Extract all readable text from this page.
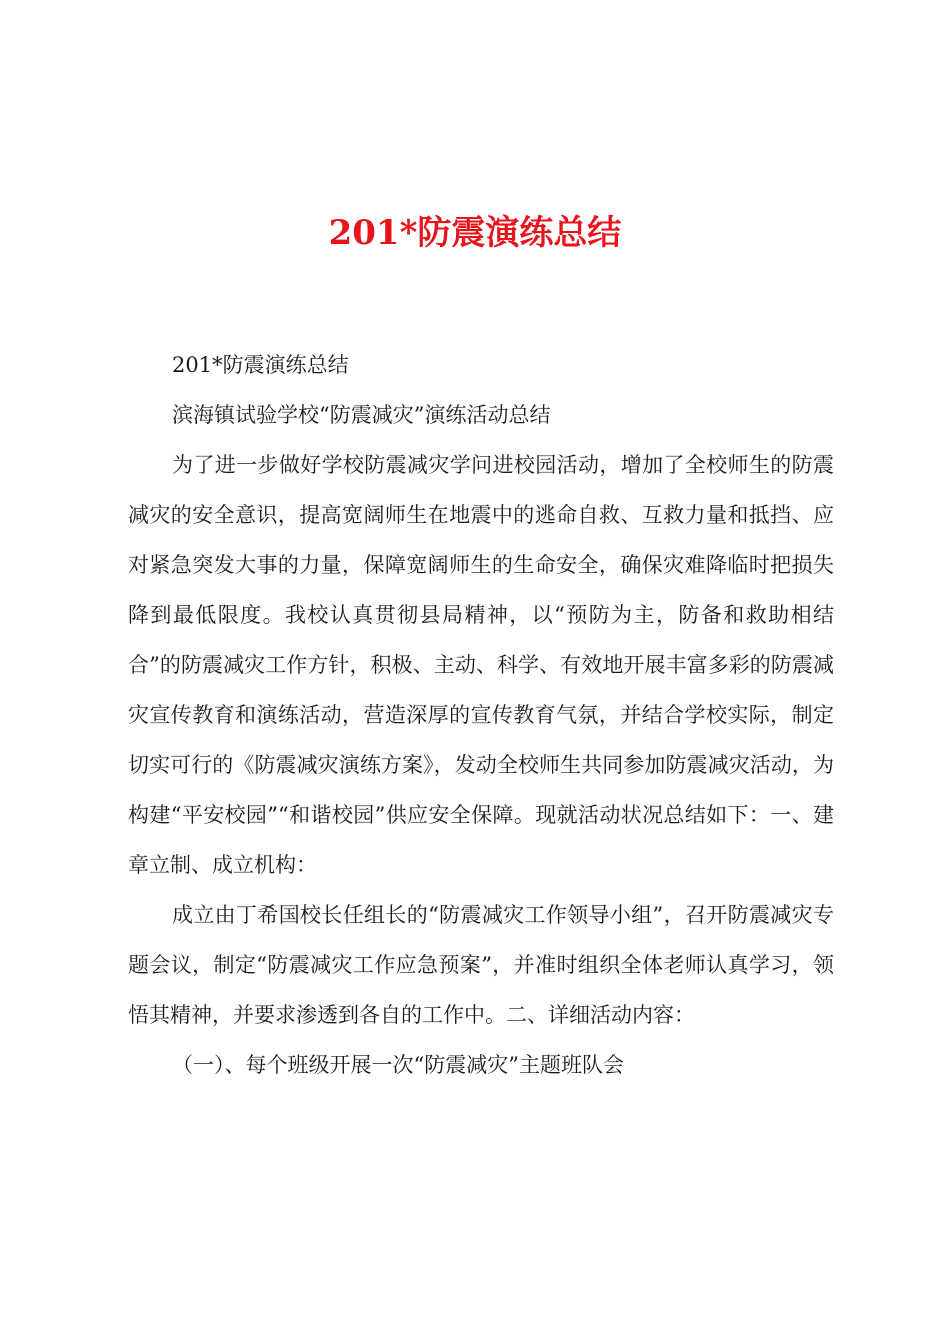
201*防震演练总结

201*防震演练总结

滨海镇试验学校“防震减灾”演练活动总结

为了进一步做好学校防震减灾学问进校园活动，增加了全校师生的防震减灾的安全意识，提高宽阔师生在地震中的逃命自救、互救力量和抵挡、应对紧急突发大事的力量，保障宽阔师生的生命安全，确保灾难降临时把损失降到最低限度。我校认真贯彻县局精神，以“预防为主，防备和救助相结合”的防震减灾工作方针，积极、主动、科学、有效地开展丰富多彩的防震减灾宣传教育和演练活动，营造深厚的宣传教育气氛，并结合学校实际，制定切实可行的《防震减灾演练方案》，发动全校师生共同参加防震减灾活动，为构建“平安校园”“和谐校园”供应安全保障。现就活动状况总结如下：一、建章立制、成立机构：

成立由丁希国校长任组长的“防震减灾工作领导小组”，召开防震减灾专题会议，制定“防震减灾工作应急预案”，并准时组织全体老师认真学习，领悟其精神，并要求渗透到各自的工作中。二、详细活动内容：

（一）、每个班级开展一次“防震减灾”主题班队会
